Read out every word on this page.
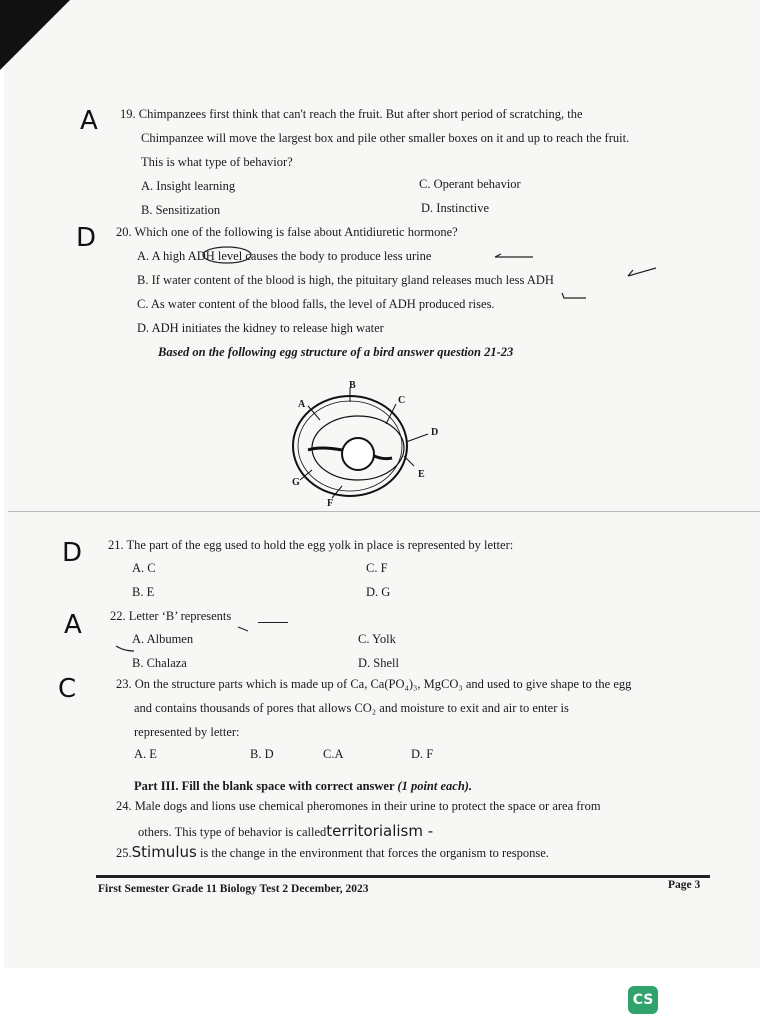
A
D
D
A
C
19. Chimpanzees first think that can't reach the fruit. But after short period of scratching, the
Chimpanzee will move the largest box and pile other smaller boxes on it and up to reach the fruit.
This is what type of behavior?
A. Insight learning	C. Operant behavior
B. Sensitization	D. Instinctive
20. Which one of the following is false about Antidiuretic hormone?
A. A high ADH level causes the body to produce less urine
B. If water content of the blood is high, the pituitary gland releases much less ADH
C. As water content of the blood falls, the level of ADH produced rises.
D. ADH initiates the kidney to release high water
Based on the following egg structure of a bird answer question 21-23
B
A	C
D
E
G
F
21. The part of the egg used to hold the egg yolk in place is represented by letter:
A. C	C. F
B. E	D. G
22. Letter ‘B’ represents
A. Albumen	C. Yolk
B. Chalaza	D. Shell
23. On the structure parts which is made up of Ca, Ca(PO₄)₃, MgCO₃ and used to give shape to the egg
and contains thousands of pores that allows CO₂ and moisture to exit and air to enter is
represented by letter:
A. E	B. D	C.A	D. F
Part III. Fill the blank space with correct answer (1 point each).
24. Male dogs and lions use chemical pheromones in their urine to protect the space or area from
others. This type of behavior is calledterritorialism -
25.Stimulus is the change in the environment that forces the organism to response.
First Semester Grade 11 Biology Test 2 December, 2023	Page 3
CS
